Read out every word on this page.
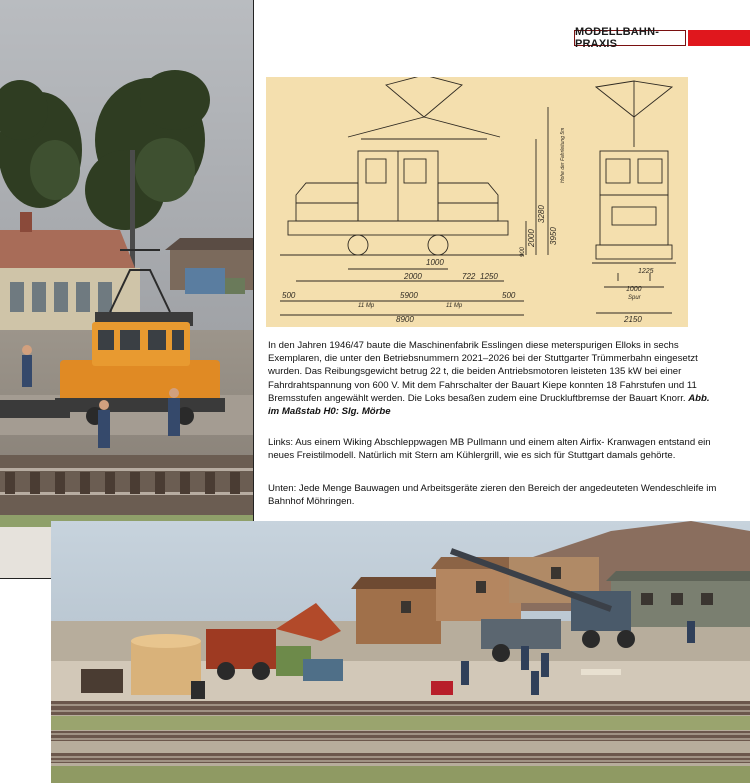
MODELLBAHN-PRAXIS
2000
5900
1000
722 1250
500
8900
11 Mp	11 Mp
500
3280
3950
2000
900
Hohe der Fahrleitung 5m
1225
1000
Spur
2150

In den Jahren 1946/47 baute die Maschinenfabrik Esslingen diese meterspurigen Elloks in sechs Exemplaren, die unter den Betriebsnummern 2021–2026 bei der Stuttgarter Trümmerbahn eingesetzt wurden. Das Reibungsgewicht betrug 22 t, die beiden Antriebsmotoren leisteten 135 kW bei einer Fahrdrahtspannung von 600 V. Mit dem Fahrschalter der Bauart Kiepe konnten 18 Fahrstufen und 11 Bremsstufen angewählt werden. Die Loks besaßen zudem eine Druckluftbremse der Bauart Knorr. Abb. im Maßstab H0: Slg. Mörbe

Links: Aus einem Wiking Abschleppwagen MB Pullmann und einem alten Airfix- Kranwagen entstand ein neues Freistilmodell. Natürlich mit Stern am Kühlergrill, wie es sich für Stuttgart damals gehörte.

Unten: Jede Menge Bauwagen und Arbeitsgeräte zieren den Bereich der angedeuteten Wendeschleife im Bahnhof Möhringen.
